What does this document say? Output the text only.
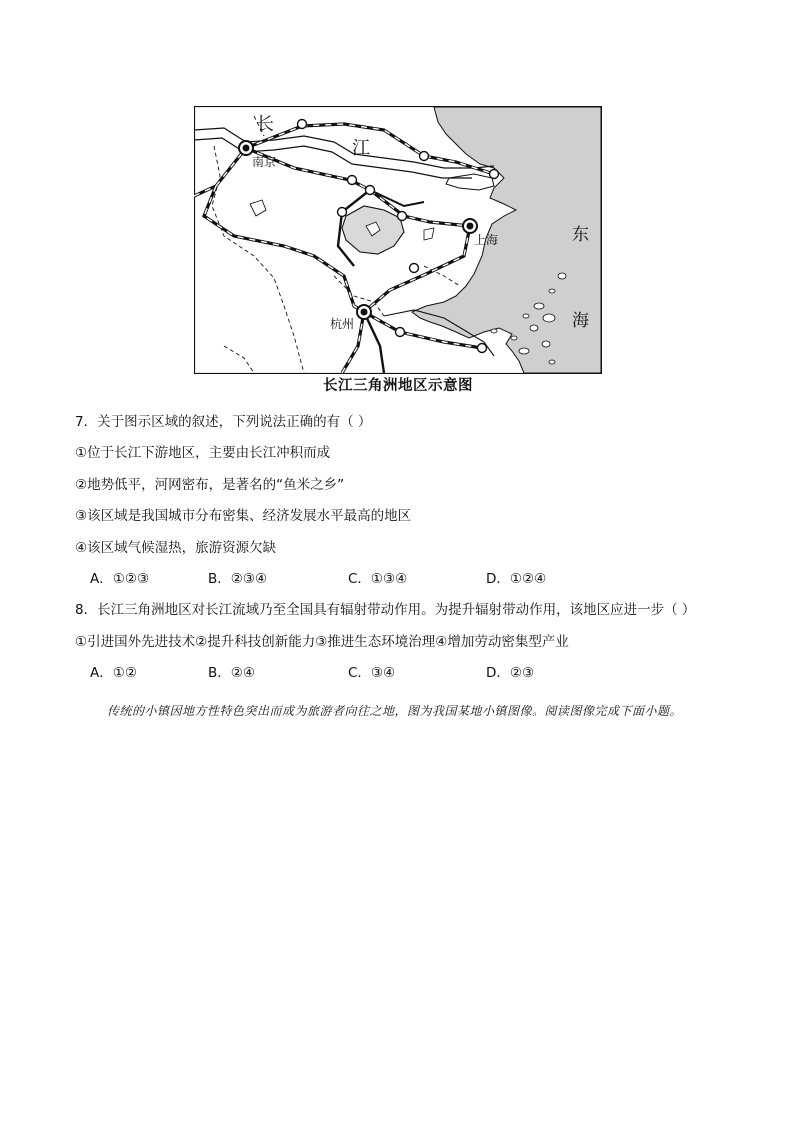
长
江
南京
上海
杭州
东
海
长江三角洲地区示意图
7．关于图示区域的叙述，下列说法正确的有（ ）
①位于长江下游地区，主要由长江冲积而成
②地势低平，河网密布，是著名的“鱼米之乡”
③该区域是我国城市分布密集、经济发展水平最高的地区
④该区域气候湿热，旅游资源欠缺
A．①②③	B．②③④	C．①③④	D．①②④
8．长江三角洲地区对长江流域乃至全国具有辐射带动作用。为提升辐射带动作用，该地区应进一步（ ）
①引进国外先进技术②提升科技创新能力③推进生态环境治理④增加劳动密集型产业
A．①②	B．②④	C．③④	D．②③
传统的小镇因地方性特色突出而成为旅游者向往之地，图为我国某地小镇图像。阅读图像完成下面小题。
